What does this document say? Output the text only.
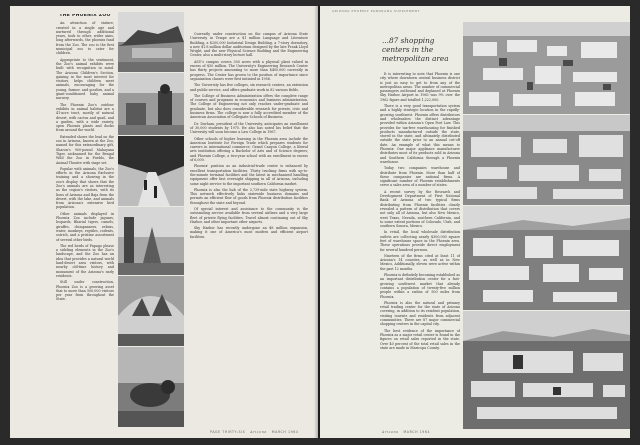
THE PHOENIX ZOO

An attraction of stature, created in a single age and nurtured through additional years, took to other, wider aims, long afterwards, the phoenix fund from the Zoo. The zoo is the first municipal zoo to cater for children.

Appropriate to the sentiment, the Zoo's animal exhibits were built with recognition in mind. The Arizona Children's Section, gaining in the most interest for visitors, helps children meet animals, encouraging for the young, farmer, and goodies, and a giant-conditioned baby animal nursery.

The Phoenix Zoo's outdoor exhibits in animal habitat are a 41-acre tract, mostly of natural desert, with cactus and quail, and a garden, with a wide variety, open Phoenix plants and ducks from around the world.

Extended shows the lead on the zoo in Arizona, known at the Zoo, named for this extraordinary gift, Sharon's 900-pound Mahayana Tiger, nicknamed for the Bengal Wild the Zoo in Pueblo, the Animal Theatre with stage set.

Popular with animals, the Zoo's efforts in the Arizona Exclusive training and a showing in the zoo's display that shows that the Zoo's animals are as interesting as the region's visitors, with its lions of Arizona and Baja from the desert, with the lake, and animals from Arizona's extensive bird population.

Other animals displayed in Phoenix Zoo include jaguars, leopards, Bharial tigers, camels, giraffes, chimpanzees, zebras, water, monkeys, reptiles, rodents, ostrich, and a pristine assortment of several other birds.

The red herds of Papago please a sideling elements in the Zoo's landscape, and the Zoo has an idea that provides a natural world land-desert area visitors, with nearby old-time history and monument of the Arizona's early residents.

Still under construction, Phoenix Zoo is a growing asset that to more than 500,000 visitors per year from throughout the State.

Currently under construction on the campus of Arizona State University in Tempe are a $1 million Language and Literature Building, a $200,000 Industrial Design Building, a 7-story dormitory, a new $1.8 million dollar auditorium designed by the late Frank Lloyd Wright, and the new Physical Science Building and the Engineering Center, also a multi-story lecture hall.

ASU's campus covers 300 acres with a physical plant valued in excess of $50 million. The University's Engineering Research Center has thirty projects amounting to more than $400,000 currently in progress. The Center has grown to the position of importance since organization classes were first initiated in 1956.

The University has five colleges, six research centers, an extension and public service, and offers graduate work in 82 various fields.

The College of Business Administration offers the complete range of courses and programs in economics and business administration. The College of Engineering not only reaches under-graduate and graduate, but also does considerable research for private, civic and business firms. The college is now a fully accredited member of the American Association of Collegiate Schools of Business.

Dr. Durham, president of the University, anticipates an enrollment of 30,000 students by 1975. He also has noted his belief that the University will soon become a Law College in 1967.

Other schools of higher learning in the Phoenix area include the American Institute for Foreign Trade which prepares students for careers in international commerce; Grand Canyon College, a liberal arts institution offering a Bachelor of Arts and of Science degrees; and Phoenix College, a two-year school with an enrollment in excess of 6,000.

Phoenix' position as an industrial-trade center is enhanced by excellent transportation facilities. Thirty trucking firms with up-to-the-minute terminal facilities and the latest in mechanized handling equipment offer fast overnight shipping in all of Arizona, including some night service to the important southern California market.

Phoenix is also the hub of the 3,739-mile state highway system. This network effectively links statewide business domains and permits an efficient flow of goods from Phoenix distribution facilities throughout the state and beyond.

Of special interest and assistance to the community is the outstanding service available from several airlines and a very large fleet of private flying facilities. Travel almost continuing out of Sky Harbor, and other important other airports.

Sky Harbor has recently undergone an $8 million expansion, making it one of America's most modern and efficient airport facilities.

PAGE THIRTY-SIX Arizona MARCH 1964
ARIZONA PHOENIX PANORAMA SUPPLEMENT
...87 shopping centers in the metropolitan area

It is interesting to note that Phoenix is one city where downtown central business district is just as easy to get to from any of the metropolitan areas. The number of commercial passengers outbound and deplaned at Phoenix Sky Harbor Airport in 1963 was 9% over the 1962 figure and totalled 1,222,000.

There is a very good transportation system and a highly strategic location in the rapidly-growing southwest. Phoenix offers distributors and wholesalers the distinct advantage provided within Arizona's Open Port Law. This provides for tax-free warehousing for finished products manufactured outside the state, stored in the state, and ultimately distributed outside the state prior to an annual cut-off date. An example of what this means to Phoenix: One major appliance manufacturer distributes most of its products sold in Arizona and Southern California through a Phoenix warehouse.

Today two companies warehouse and distribute from Phoenix. More than half of these companies are national firms. A significant number of Phoenix establishments serve a sales area of a number of states.

A recent survey by the Research and Development Department of First National Bank of Arizona of two typical firms distributing from Phoenix facilities clearly revealed a pattern of distribution that covers not only all of Arizona, but also New Mexico, west Texas, Nevada, southern California, and to some extent portions of Colorado, Utah, and southern Sonora, Mexico.

In retail, the local wholesale distribution outlets are collecting nearly $300,000 square feet of warehouse space in the Phoenix area. These operations provide direct employment for several hundred persons.

Nineteen of the firms cited at least 11 of Arizona's 14 counties, as well as in New Mexico, Additionally, eleven were active within the past 12 months.

Phoenix is definitely becoming established as an important distribution center for a fast-growing southwest market that already contains a population of twenty-five million people within a radius of 500 miles from Phoenix.

Phoenix is also the natural and primary retail trading center for the state of Arizona covering, in addition to its resident population, visiting tourists and residents from adjacent communities. There are 87 major commercial shopping centers in the capital city.

The best evidence of the importance of Phoenix as a major retail center is found in the figures on retail sales reported in the state. Over 40 percent of the total retail sales in the state are made in Maricopa County.

Arizona MARCH 1964
